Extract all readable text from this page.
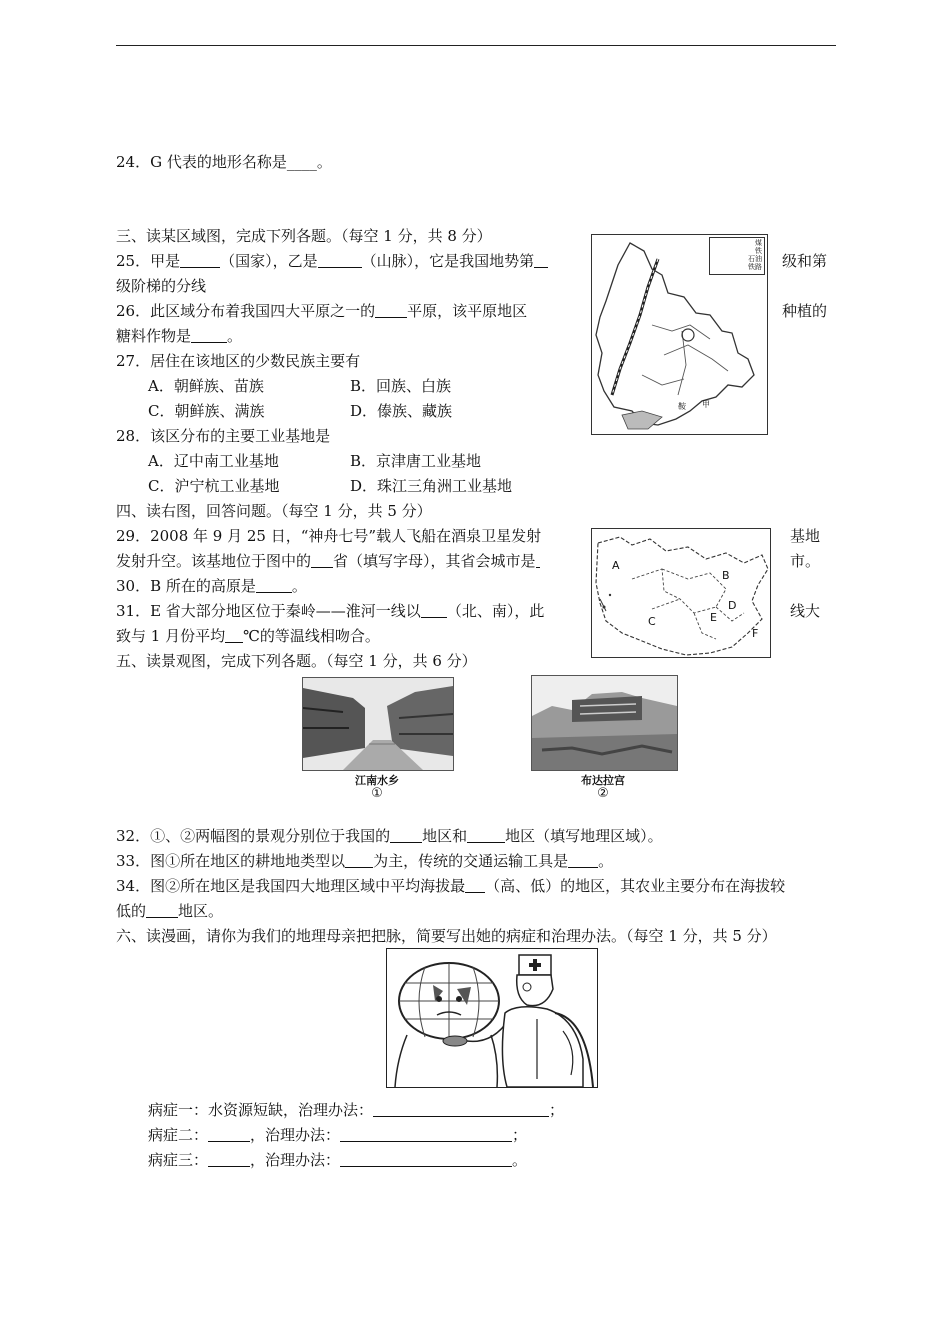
24．G 代表的地形名称是____。
三、读某区域图，完成下列各题。（每空 1 分，共 8 分）
25．甲是	（国家），乙是	（山脉），它是我国地势第	级和第
级阶梯的分线
26．此区域分布着我国四大平原之一的 平原，该平原地区	种植的
糖料作物是 。
27．居住在该地区的少数民族主要有
A．朝鲜族、苗族	B．回族、白族
C．朝鲜族、满族	D．傣族、藏族
28．该区分布的主要工业基地是
A．辽中南工业基地	B．京津唐工业基地
C．沪宁杭工业基地	D．珠江三角洲工业基地
煤
铁
石油
铁路
鞍 甲
四、读右图，回答问题。（每空 1 分，共 5 分）
29．2008 年 9 月 25 日，“神舟七号”载人飞船在酒泉卫星发射	基地
发射升空。该基地位于图中的 省（填写字母），其省会城市是	市。
30．B 所在的高原是 。
31．E 省大部分地区位于秦岭——淮河一线以 （北、南），此	线大
致与 1 月份平均 ℃的等温线相吻合。
A
B
C
D
E
F
五、读景观图，完成下列各题。（每空 1 分，共 6 分）
江南水乡
①
布达拉宫
②
32．①、②两幅图的景观分别位于我国的 地区和	地区（填写地理区域）。
33．图①所在地区的耕地地类型以 为主，传统的交通运输工具是 。
34．图②所在地区是我国四大地理区域中平均海拔最 （高、低）的地区，其农业主要分布在海拔较
低的 地区。
六、读漫画，请你为我们的地理母亲把把脉，简要写出她的病症和治理办法。（每空 1 分，共 5 分）
病症一：水资源短缺，治理办法：	；
病症二：	，治理办法：	；
病症三：	，治理办法：	。
